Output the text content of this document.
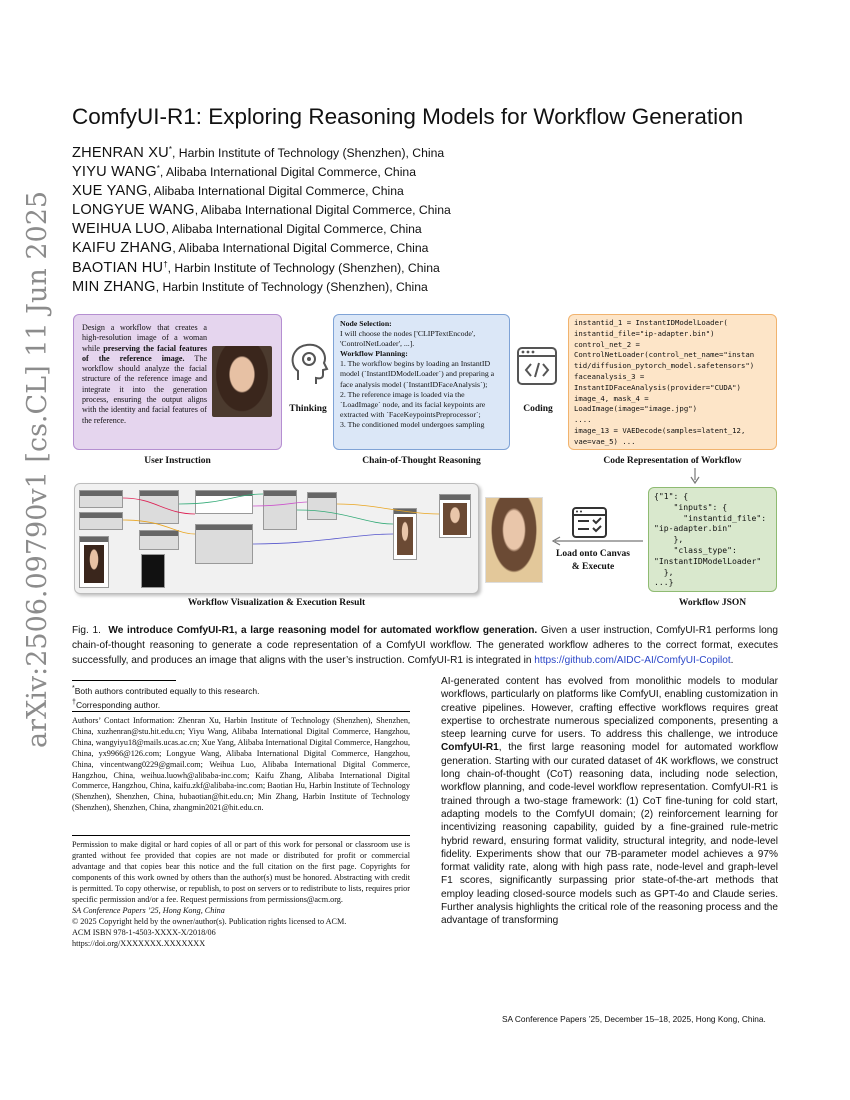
arXiv:2506.09790v1 [cs.CL] 11 Jun 2025
ComfyUI-R1: Exploring Reasoning Models for Workflow Generation
ZHENRAN XU*, Harbin Institute of Technology (Shenzhen), China
YIYU WANG*, Alibaba International Digital Commerce, China
XUE YANG, Alibaba International Digital Commerce, China
LONGYUE WANG, Alibaba International Digital Commerce, China
WEIHUA LUO, Alibaba International Digital Commerce, China
KAIFU ZHANG, Alibaba International Digital Commerce, China
BAOTIAN HU†, Harbin Institute of Technology (Shenzhen), China
MIN ZHANG, Harbin Institute of Technology (Shenzhen), China
Design a workflow that creates a high-resolution image of a woman while preserving the facial features of the reference image. The workflow should analyze the facial structure of the reference image and integrate it into the generation process, ensuring the output aligns with the identity and facial features of the reference.
User Instruction
Thinking
Node Selection:
I will choose the nodes ['CLIPTextEncode', 'ControlNetLoader', ...].
Workflow Planning:
1. The workflow begins by loading an InstantID model (`InstantIDModelLoader`) and preparing a face analysis model (`InstantIDFaceAnalysis`);
2. The reference image is loaded via the `LoadImage` node, and its facial keypoints are extracted with `FaceKeypointsPreprocessor`;
3. The conditioned model undergoes sampling
Chain-of-Thought Reasoning
Coding
instantid_1 = InstantIDModelLoader(
instantid_file="ip-adapter.bin")
control_net_2 =
ControlNetLoader(control_net_name="instan
tid/diffusion_pytorch_model.safetensors")
faceanalysis_3 =
InstantIDFaceAnalysis(provider="CUDA")
image_4, mask_4 =
LoadImage(image="image.jpg")
....
image_13 = VAEDecode(samples=latent_12,
vae=vae_5) ...
Code Representation of Workflow
{"1": {
"inputs": {
"instantid_file":
"ip-adapter.bin"
},
"class_type":
"InstantIDModelLoader"
},
...}
Workflow JSON
Load onto Canvas
& Execute
Workflow Visualization & Execution Result
Fig. 1. We introduce ComfyUI-R1, a large reasoning model for automated workflow generation. Given a user instruction, ComfyUI-R1 performs long chain-of-thought reasoning to generate a code representation of a ComfyUI workflow. The generated workflow adheres to the correct format, executes successfully, and produces an image that aligns with the user’s instruction. ComfyUI-R1 is integrated in https://github.com/AIDC-AI/ComfyUI-Copilot.
*Both authors contributed equally to this research.
†Corresponding author.
Authors’ Contact Information: Zhenran Xu, Harbin Institute of Technology (Shenzhen), Shenzhen, China, xuzhenran@stu.hit.edu.cn; Yiyu Wang, Alibaba International Digital Commerce, Hangzhou, China, wangyiyu18@mails.ucas.ac.cn; Xue Yang, Alibaba International Digital Commerce, Hangzhou, China, yx9966@126.com; Longyue Wang, Alibaba International Digital Commerce, Hangzhou, China, vincentwang0229@gmail.com; Weihua Luo, Alibaba International Digital Commerce, Hangzhou, China, weihua.luowh@alibaba-inc.com; Kaifu Zhang, Alibaba International Digital Commerce, Hangzhou, China, kaifu.zkf@alibaba-inc.com; Baotian Hu, Harbin Institute of Technology (Shenzhen), Shenzhen, China, hubaotian@hit.edu.cn; Min Zhang, Harbin Institute of Technology (Shenzhen), Shenzhen, China, zhangmin2021@hit.edu.cn.
Permission to make digital or hard copies of all or part of this work for personal or classroom use is granted without fee provided that copies are not made or distributed for profit or commercial advantage and that copies bear this notice and the full citation on the first page. Copyrights for components of this work owned by others than the author(s) must be honored. Abstracting with credit is permitted. To copy otherwise, or republish, to post on servers or to redistribute to lists, requires prior specific permission and/or a fee. Request permissions from permissions@acm.org.
SA Conference Papers ’25, Hong Kong, China
© 2025 Copyright held by the owner/author(s). Publication rights licensed to ACM.
ACM ISBN 978-1-4503-XXXX-X/2018/06
https://doi.org/XXXXXXX.XXXXXXX
AI-generated content has evolved from monolithic models to modular workflows, particularly on platforms like ComfyUI, enabling customization in creative pipelines. However, crafting effective workflows requires great expertise to orchestrate numerous specialized components, presenting a steep learning curve for users. To address this challenge, we introduce ComfyUI-R1, the first large reasoning model for automated workflow generation. Starting with our curated dataset of 4K workflows, we construct long chain-of-thought (CoT) reasoning data, including node selection, workflow planning, and code-level workflow representation. ComfyUI-R1 is trained through a two-stage framework: (1) CoT fine-tuning for cold start, adapting models to the ComfyUI domain; (2) reinforcement learning for incentivizing reasoning capability, guided by a fine-grained rule-metric hybrid reward, ensuring format validity, structural integrity, and node-level fidelity. Experiments show that our 7B-parameter model achieves a 97% format validity rate, along with high pass rate, node-level and graph-level F1 scores, significantly surpassing prior state-of-the-art methods that employ leading closed-source models such as GPT-4o and Claude series. Further analysis highlights the critical role of the reasoning process and the advantage of transforming
SA Conference Papers ’25, December 15–18, 2025, Hong Kong, China.
